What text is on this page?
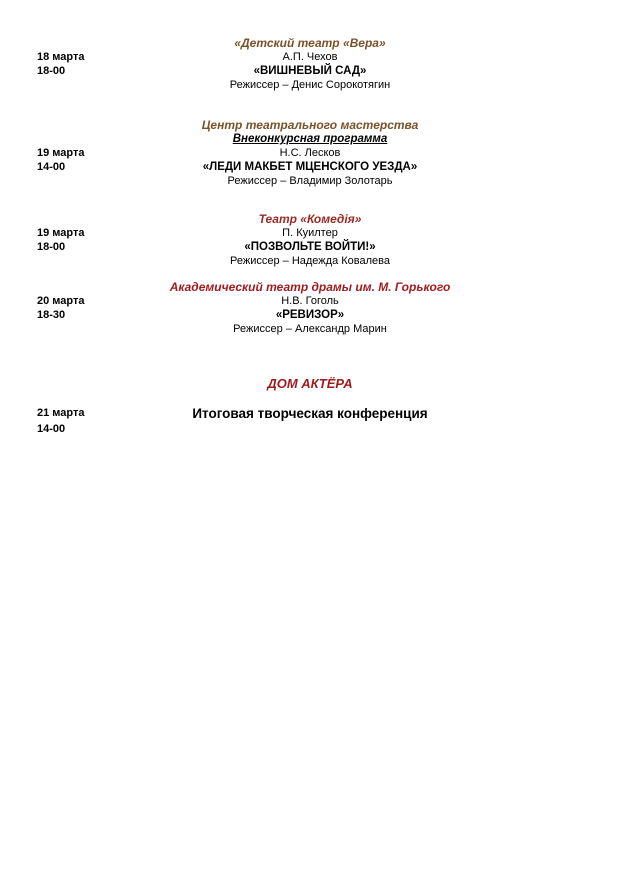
«Детский театр «Вера»
18 марта	А.П. Чехов
18-00	«ВИШНЕВЫЙ САД»
Режиссер – Денис Сорокотягин
Центр театрального мастерства
Внеконкурсная программа
19 марта	Н.С. Лесков
14-00	«ЛЕДИ МАКБЕТ МЦЕНСКОГО УЕЗДА»
Режиссер – Владимир Золотарь
Театр «Комедія»
19 марта	П. Куилтер
18-00	«ПОЗВОЛЬТЕ ВОЙТИ!»
Режиссер – Надежда Ковалева
Академический театр драмы им. М. Горького
20 марта	Н.В. Гоголь
18-30	«РЕВИЗОР»
Режиссер – Александр Марин
ДОМ АКТЁРА
21 марта	Итоговая творческая конференция
14-00
